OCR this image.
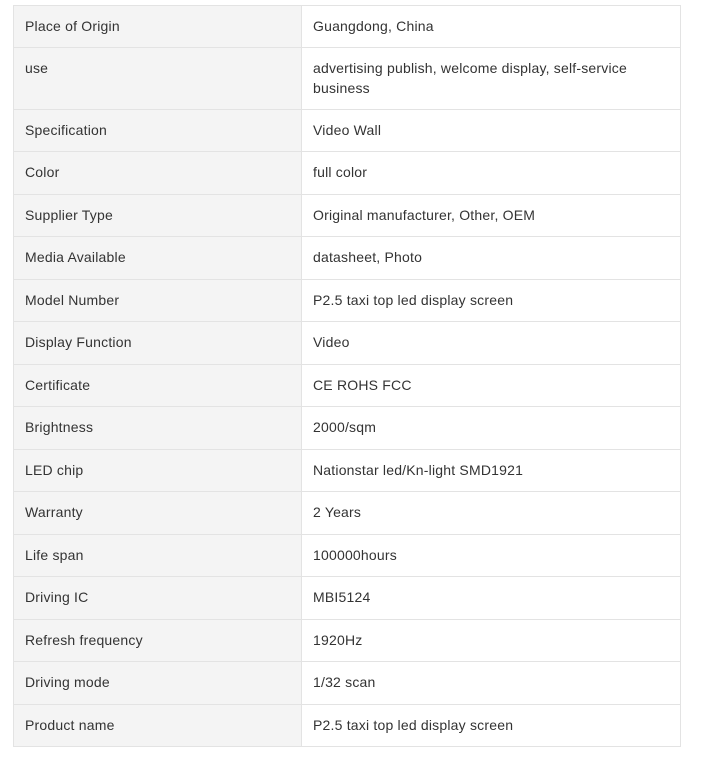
Place of Origin	Guangdong, China
use	advertising publish, welcome display, self-service business
Specification	Video Wall
Color	full color
Supplier Type	Original manufacturer, Other, OEM
Media Available	datasheet, Photo
Model Number	P2.5 taxi top led display screen
Display Function	Video
Certificate	CE ROHS FCC
Brightness	2000/sqm
LED chip	Nationstar led/Kn-light SMD1921
Warranty	2 Years
Life span	100000hours
Driving IC	MBI5124
Refresh frequency	1920Hz
Driving mode	1/32 scan
Product name	P2.5 taxi top led display screen
